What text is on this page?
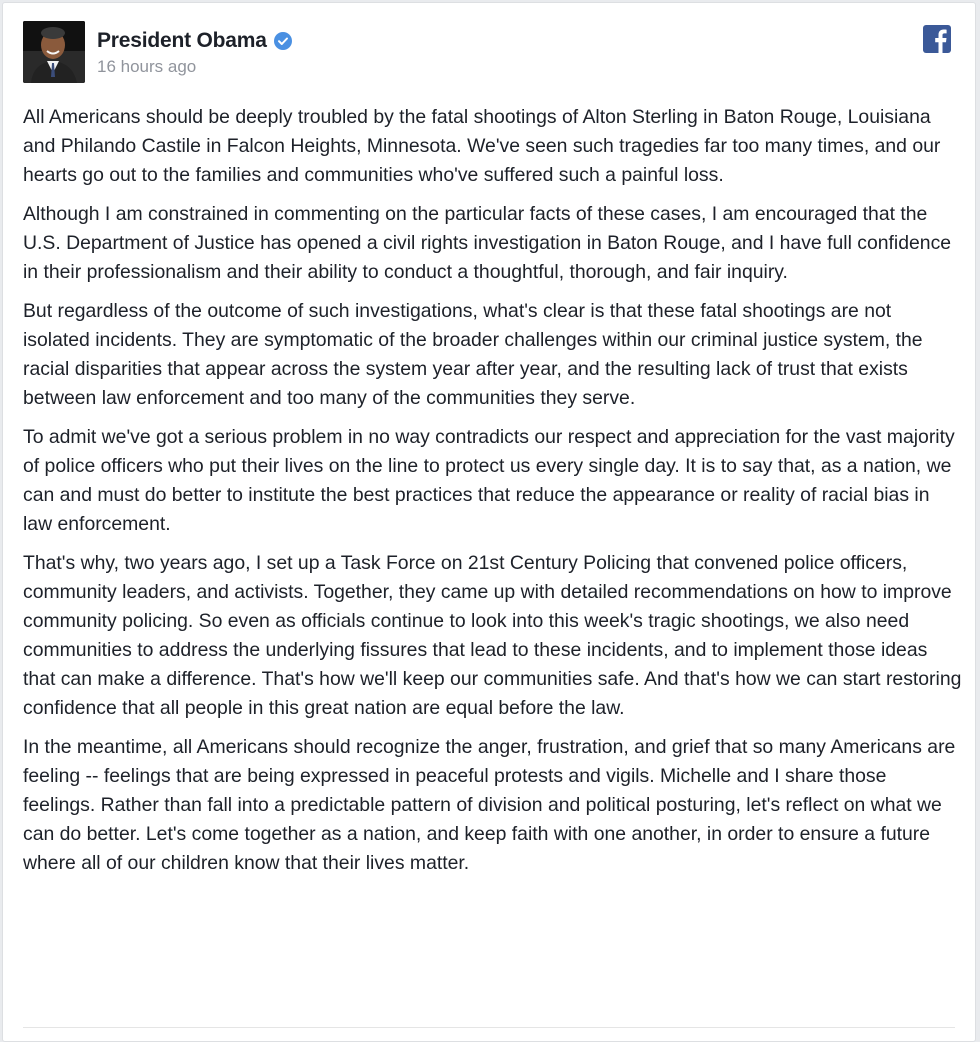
President Obama
16 hours ago

All Americans should be deeply troubled by the fatal shootings of Alton Sterling in Baton Rouge, Louisiana and Philando Castile in Falcon Heights, Minnesota. We've seen such tragedies far too many times, and our hearts go out to the families and communities who've suffered such a painful loss.

Although I am constrained in commenting on the particular facts of these cases, I am encouraged that the U.S. Department of Justice has opened a civil rights investigation in Baton Rouge, and I have full confidence in their professionalism and their ability to conduct a thoughtful, thorough, and fair inquiry.

But regardless of the outcome of such investigations, what's clear is that these fatal shootings are not isolated incidents. They are symptomatic of the broader challenges within our criminal justice system, the racial disparities that appear across the system year after year, and the resulting lack of trust that exists between law enforcement and too many of the communities they serve.

To admit we've got a serious problem in no way contradicts our respect and appreciation for the vast majority of police officers who put their lives on the line to protect us every single day. It is to say that, as a nation, we can and must do better to institute the best practices that reduce the appearance or reality of racial bias in law enforcement.

That's why, two years ago, I set up a Task Force on 21st Century Policing that convened police officers, community leaders, and activists. Together, they came up with detailed recommendations on how to improve community policing. So even as officials continue to look into this week's tragic shootings, we also need communities to address the underlying fissures that lead to these incidents, and to implement those ideas that can make a difference. That's how we'll keep our communities safe. And that's how we can start restoring confidence that all people in this great nation are equal before the law.

In the meantime, all Americans should recognize the anger, frustration, and grief that so many Americans are feeling -- feelings that are being expressed in peaceful protests and vigils. Michelle and I share those feelings. Rather than fall into a predictable pattern of division and political posturing, let's reflect on what we can do better. Let's come together as a nation, and keep faith with one another, in order to ensure a future where all of our children know that their lives matter.
